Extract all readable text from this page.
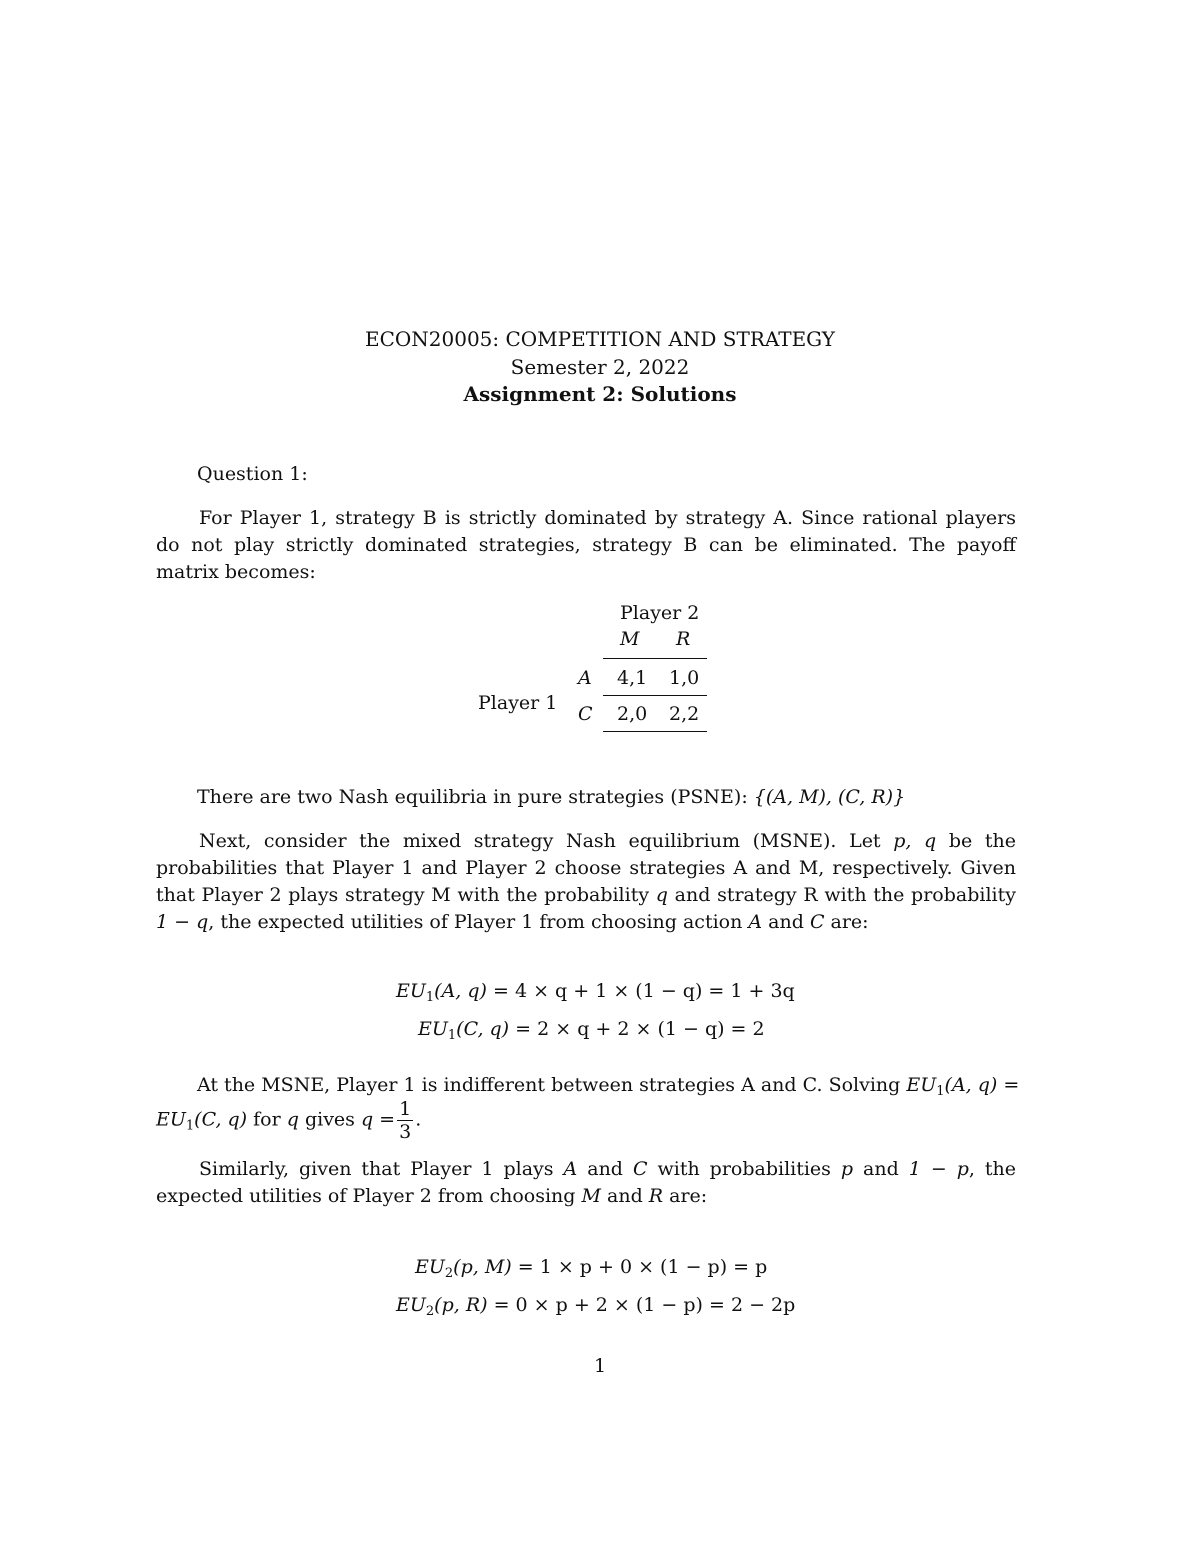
ECON20005: COMPETITION AND STRATEGY
Semester 2, 2022
Assignment 2: Solutions
Question 1:
For Player 1, strategy B is strictly dominated by strategy A. Since rational players do not play strictly dominated strategies, strategy B can be eliminated. The payoff matrix becomes:
Player 2
M R
A 4,1 1,0
Player 1 C 2,0 2,2
There are two Nash equilibria in pure strategies (PSNE): {(A, M), (C, R)}
Next, consider the mixed strategy Nash equilibrium (MSNE). Let p, q be the probabilities that Player 1 and Player 2 choose strategies A and M, respectively. Given that Player 2 plays strategy M with the probability q and strategy R with the probability 1 − q, the expected utilities of Player 1 from choosing action A and C are:
$EU_1(A$, q) = 4 × q + 1 × (1 − q) = 1 + 3q
$EU_1(C$, q) = 2 × q + 2 × (1 − q) = 2
At the MSNE, Player 1 is indifferent between strategies A and C. Solving $EU_1(A$, q) =
$EU_1(C$, q) for q gives $q = \frac{1}{3}$ .
Similarly, given that Player 1 plays A and C with probabilities p and 1 − p, the expected utilities of Player 2 from choosing M and R are:
$EU_2(p$, M) = 1 × p + 0 × (1 − p) = p
$EU_2(p$, R) = 0 × p + 2 × (1 − p) = 2 − 2p
1
